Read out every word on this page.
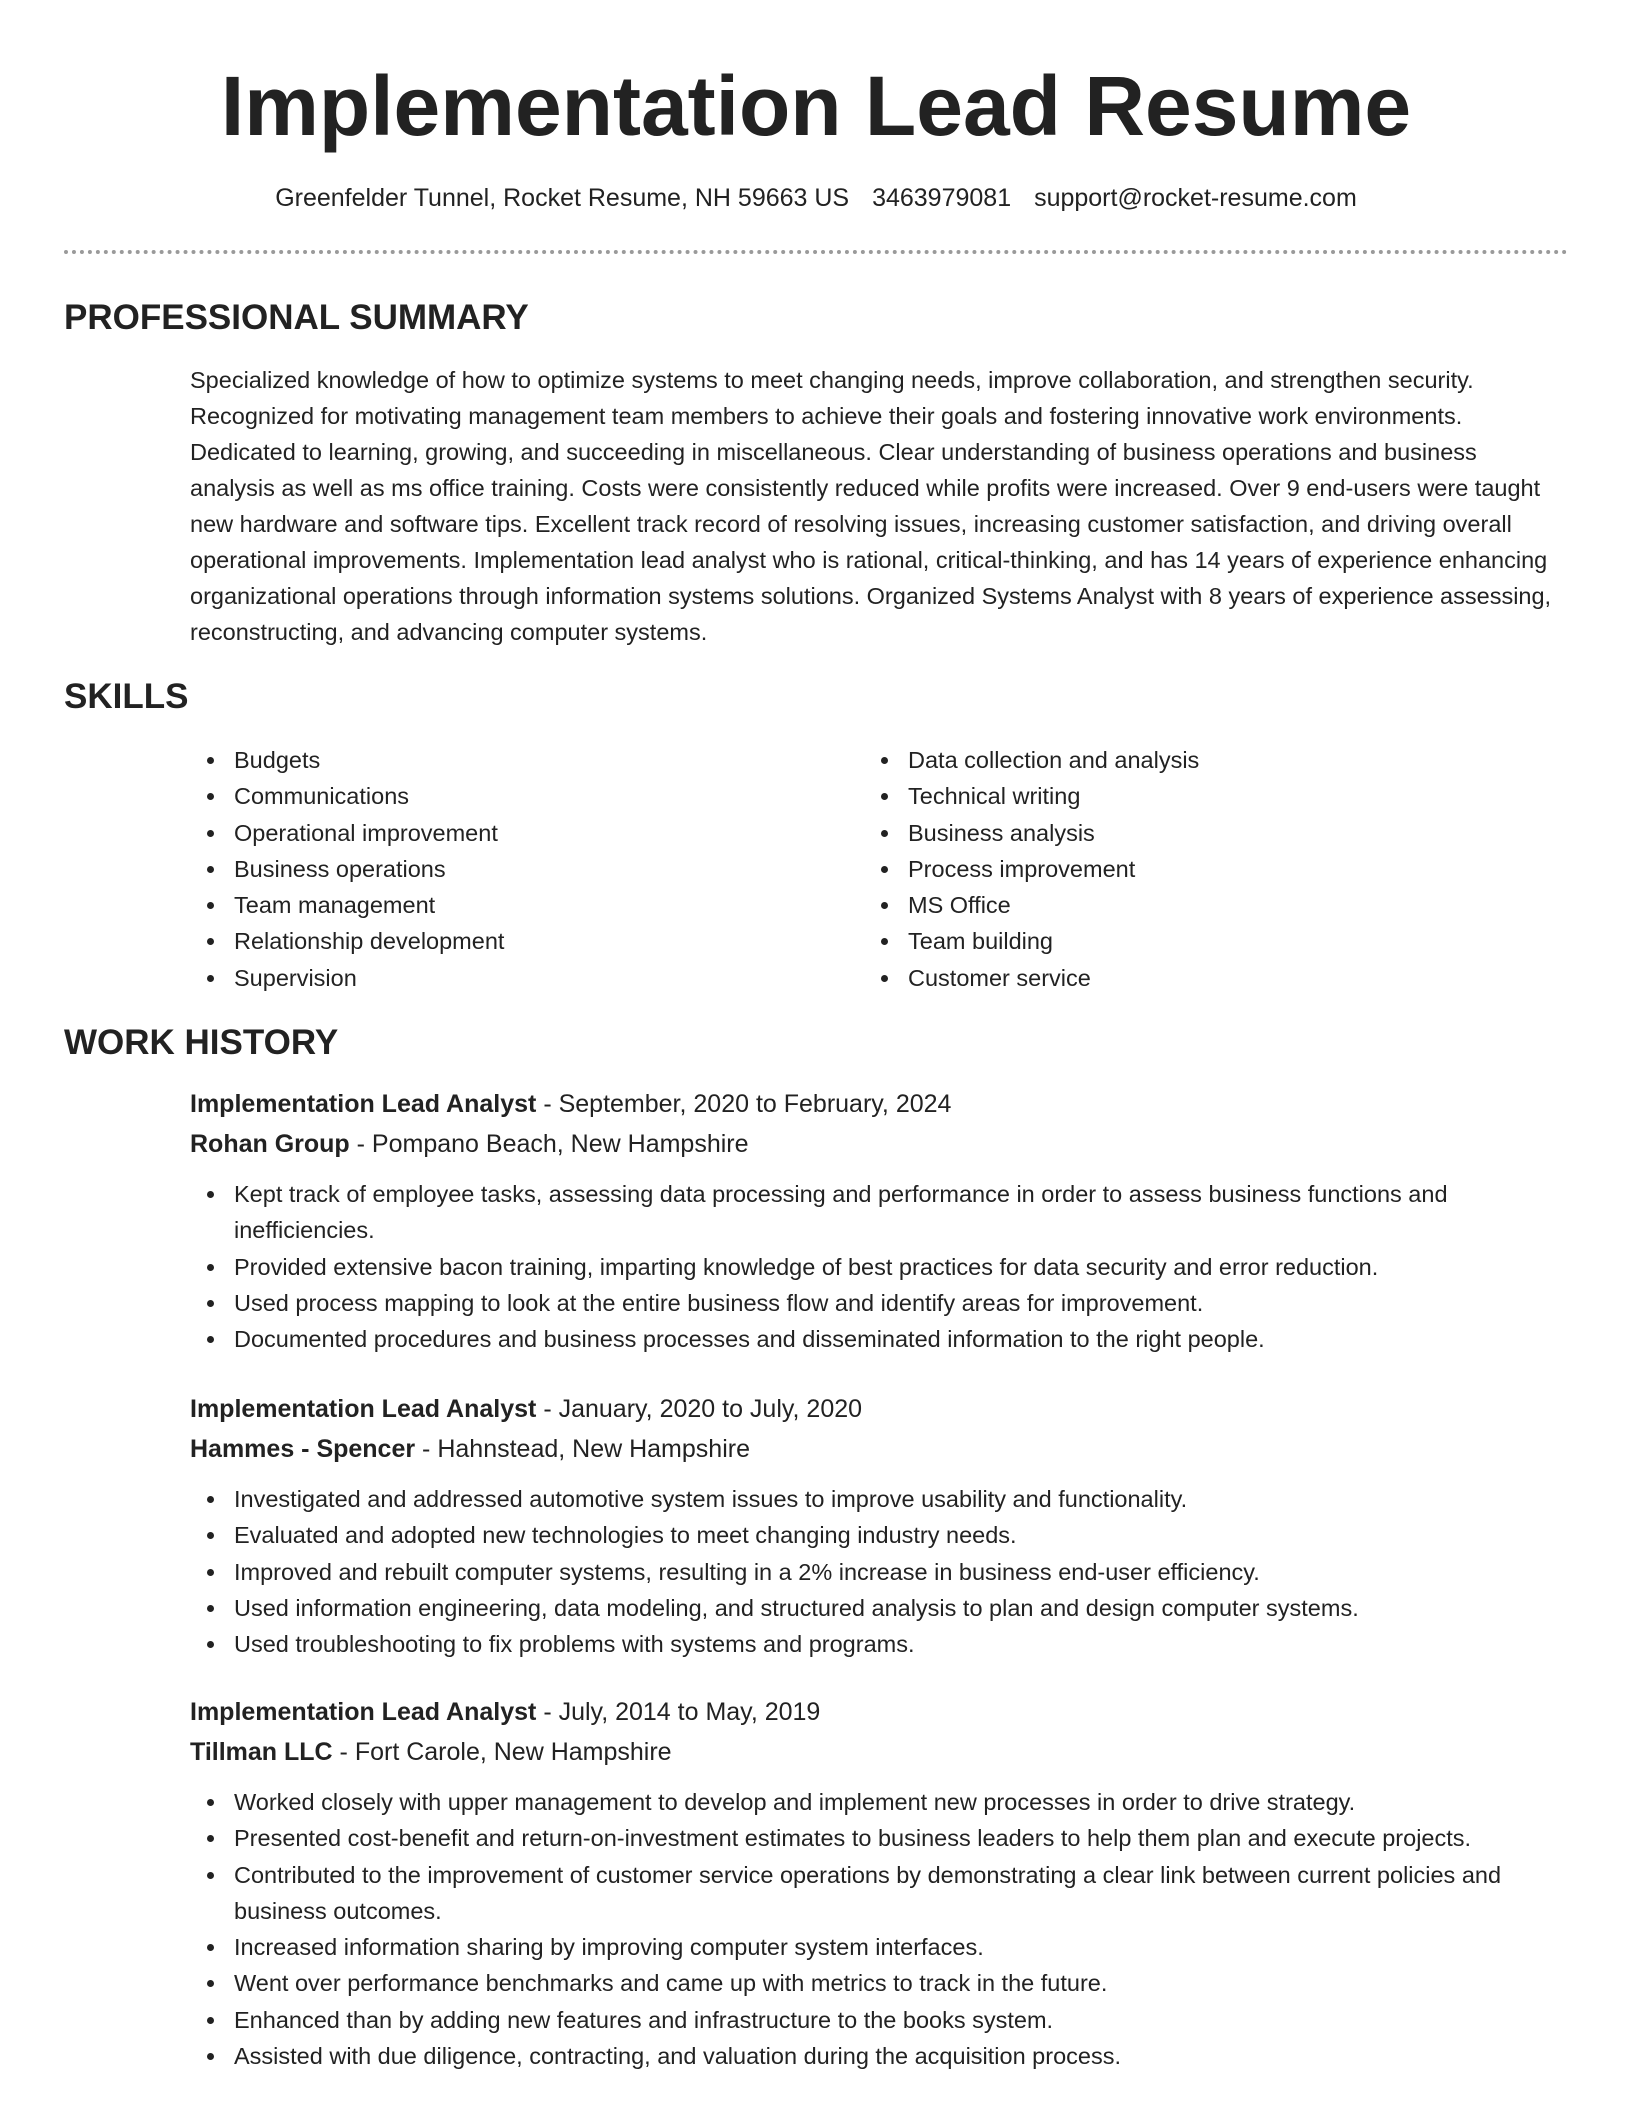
Implementation Lead Resume
Greenfelder Tunnel, Rocket Resume, NH 59663 US 3463979081 support@rocket-resume.com
PROFESSIONAL SUMMARY

Specialized knowledge of how to optimize systems to meet changing needs, improve collaboration, and strengthen security. Recognized for motivating management team members to achieve their goals and fostering innovative work environments. Dedicated to learning, growing, and succeeding in miscellaneous. Clear understanding of business operations and business analysis as well as ms office training. Costs were consistently reduced while profits were increased. Over 9 end-users were taught new hardware and software tips. Excellent track record of resolving issues, increasing customer satisfaction, and driving overall operational improvements. Implementation lead analyst who is rational, critical-thinking, and has 14 years of experience enhancing organizational operations through information systems solutions. Organized Systems Analyst with 8 years of experience assessing, reconstructing, and advancing computer systems.

SKILLS
Budgets
Communications
Operational improvement
Business operations
Team management
Relationship development
Supervision
Data collection and analysis
Technical writing
Business analysis
Process improvement
MS Office
Team building
Customer service
WORK HISTORY

Implementation Lead Analyst - September, 2020 to February, 2024

Rohan Group - Pompano Beach, New Hampshire

Kept track of employee tasks, assessing data processing and performance in order to assess business functions and inefficiencies.
Provided extensive bacon training, imparting knowledge of best practices for data security and error reduction.
Used process mapping to look at the entire business flow and identify areas for improvement.
Documented procedures and business processes and disseminated information to the right people.

Implementation Lead Analyst - January, 2020 to July, 2020

Hammes - Spencer - Hahnstead, New Hampshire

Investigated and addressed automotive system issues to improve usability and functionality.
Evaluated and adopted new technologies to meet changing industry needs.
Improved and rebuilt computer systems, resulting in a 2% increase in business end-user efficiency.
Used information engineering, data modeling, and structured analysis to plan and design computer systems.
Used troubleshooting to fix problems with systems and programs.

Implementation Lead Analyst - July, 2014 to May, 2019

Tillman LLC - Fort Carole, New Hampshire

Worked closely with upper management to develop and implement new processes in order to drive strategy.
Presented cost-benefit and return-on-investment estimates to business leaders to help them plan and execute projects.
Contributed to the improvement of customer service operations by demonstrating a clear link between current policies and business outcomes.
Increased information sharing by improving computer system interfaces.
Went over performance benchmarks and came up with metrics to track in the future.
Enhanced than by adding new features and infrastructure to the books system.
Assisted with due diligence, contracting, and valuation during the acquisition process.
